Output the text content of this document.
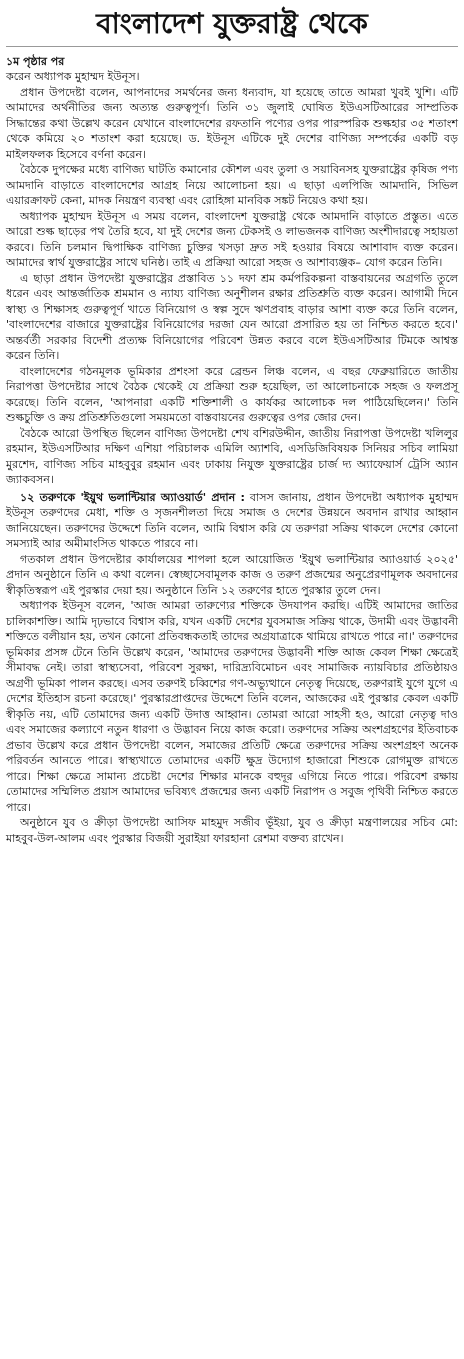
বাংলাদেশ যুক্তরাষ্ট্র থেকে
১ম পৃষ্ঠার পর

করেন অধ্যাপক মুহাম্মদ ইউনূস।

প্রধান উপদেষ্টা বলেন, আপনাদের সমর্থনের জন্য ধন্যবাদ, যা হয়েছে তাতে আমরা খুবই খুশি। এটি আমাদের অর্থনীতির জন্য অত্যন্ত গুরুত্বপূর্ণ। তিনি ৩১ জুলাই ঘোষিত ইউএসটিআরের সাম্প্রতিক সিদ্ধান্তের কথা উল্লেখ করেন যেখানে বাংলাদেশের রফতানি পণ্যের ওপর পারস্পরিক শুল্কহার ৩৫ শতাংশ থেকে কমিয়ে ২০ শতাংশ করা হয়েছে। ড. ইউনূস এটিকে দুই দেশের বাণিজ্য সম্পর্কের একটি বড় মাইলফলক হিসেবে বর্ণনা করেন।

বৈঠকে দুপক্ষের মধ্যে বাণিজ্য ঘাটতি কমানোর কৌশল এবং তুলা ও সয়াবিনসহ যুক্তরাষ্ট্রের কৃষিজ পণ্য আমদানি বাড়াতে বাংলাদেশের আগ্রহ নিয়ে আলোচনা হয়। এ ছাড়া এলপিজি আমদানি, সিভিল এয়ারক্রাফট কেনা, মাদক নিয়ন্ত্রণ ব্যবস্থা এবং রোহিঙ্গা মানবিক সঙ্কট নিয়েও কথা হয়।

অধ্যাপক মুহাম্মদ ইউনূস এ সময় বলেন, বাংলাদেশ যুক্তরাষ্ট্র থেকে আমদানি বাড়াতে প্রস্তুত। এতে আরো শুল্ক ছাড়ের পথ তৈরি হবে, যা দুই দেশের জন্য টেকসই ও লাভজনক বাণিজ্য অংশীদারত্বে সহায়তা করবে। তিনি চলমান দ্বিপাক্ষিক বাণিজ্য চুক্তির খসড়া দ্রুত সই হওয়ার বিষয়ে আশাবাদ ব্যক্ত করেন। আমাদের স্বার্থ যুক্তরাষ্ট্রের সাথে ঘনিষ্ঠ। তাই এ প্রক্রিয়া আরো সহজ ও আশাব্যঞ্জক– যোগ করেন তিনি।

এ ছাড়া প্রধান উপদেষ্টা যুক্তরাষ্ট্রের প্রস্তাবিত ১১ দফা শ্রম কর্মপরিকল্পনা বাস্তবায়নের অগ্রগতি তুলে ধরেন এবং আন্তর্জাতিক শ্রমমান ও ন্যায্য বাণিজ্য অনুশীলন রক্ষার প্রতিশ্রুতি ব্যক্ত করেন। আগামী দিনে স্বাস্থ্য ও শিক্ষাসহ গুরুত্বপূর্ণ খাতে বিনিয়োগ ও স্বল্প সুদে ঋণপ্রবাহ বাড়ার আশা ব্যক্ত করে তিনি বলেন, 'বাংলাদেশের বাজারে যুক্তরাষ্ট্রের বিনিয়োগের দরজা যেন আরো প্রসারিত হয় তা নিশ্চিত করতে হবে।' অন্তর্বর্তী সরকার বিদেশী প্রত্যক্ষ বিনিয়োগের পরিবেশ উন্নত করবে বলে ইউএসটিআর টিমকে আশ্বস্ত করেন তিনি।

বাংলাদেশের গঠনমূলক ভূমিকার প্রশংসা করে ব্রেন্ডন লিঞ্চ বলেন, এ বছর ফেব্রুয়ারিতে জাতীয় নিরাপত্তা উপদেষ্টার সাথে বৈঠক থেকেই যে প্রক্রিয়া শুরু হয়েছিল, তা আলোচনাকে সহজ ও ফলপ্রসূ করেছে। তিনি বলেন, 'আপনারা একটি শক্তিশালী ও কার্যকর আলোচক দল পাঠিয়েছিলেন।' তিনি শুল্কচুক্তি ও ক্রয় প্রতিশ্রুতিগুলো সময়মতো বাস্তবায়নের গুরুত্বের ওপর জোর দেন।

বৈঠকে আরো উপস্থিত ছিলেন বাণিজ্য উপদেষ্টা শেখ বশিরউদ্দীন, জাতীয় নিরাপত্তা উপদেষ্টা খলিলুর রহমান, ইউএসটিআর দক্ষিণ এশিয়া পরিচালক এমিলি অ্যাশবি, এসডিজিবিষয়ক সিনিয়র সচিব লামিয়া মুরশেদ, বাণিজ্য সচিব মাহবুবুর রহমান এবং ঢাকায় নিযুক্ত যুক্তরাষ্ট্রের চার্জ দ্য অ্যাফেয়ার্স ট্রেসি অ্যান জ্যাকবসন।

১২ তরুণকে 'ইয়ুথ ভলান্টিয়ার অ্যাওয়ার্ড' প্রদান : বাসস জানায়, প্রধান উপদেষ্টা অধ্যাপক মুহাম্মদ ইউনূস তরুণদের মেধা, শক্তি ও সৃজনশীলতা দিয়ে সমাজ ও দেশের উন্নয়নে অবদান রাখার আহ্বান জানিয়েছেন। তরুণদের উদ্দেশে তিনি বলেন, আমি বিশ্বাস করি যে তরুণরা সক্রিয় থাকলে দেশের কোনো সমস্যাই আর অমীমাংসিত থাকতে পারবে না।

গতকাল প্রধান উপদেষ্টার কার্যালয়ের শাপলা হলে আয়োজিত 'ইয়ুথ ভলান্টিয়ার অ্যাওয়ার্ড ২০২৫' প্রদান অনুষ্ঠানে তিনি এ কথা বলেন। স্বেচ্ছাসেবামূলক কাজ ও তরুণ প্রজন্মের অনুপ্রেরণামূলক অবদানের স্বীকৃতিস্বরূপ এই পুরস্কার দেয়া হয়। অনুষ্ঠানে তিনি ১২ তরুণের হাতে পুরস্কার তুলে দেন।

অধ্যাপক ইউনূস বলেন, 'আজ আমরা তারুণ্যের শক্তিকে উদযাপন করছি। এটিই আমাদের জাতির চালিকাশক্তি। আমি দৃঢ়ভাবে বিশ্বাস করি, যখন একটি দেশের যুবসমাজ সক্রিয় থাকে, উদামী এবং উদ্ভাবনী শক্তিতে বলীয়ান হয়, তখন কোনো প্রতিবন্ধকতাই তাদের অগ্রযাত্রাকে থামিয়ে রাখতে পারে না।' তরুণদের ভূমিকার প্রসঙ্গ টেনে তিনি উল্লেখ করেন, 'আমাদের তরুণদের উদ্ভাবনী শক্তি আজ কেবল শিক্ষা ক্ষেত্রেই সীমাবদ্ধ নেই। তারা স্বাস্থ্যসেবা, পরিবেশ সুরক্ষা, দারিদ্র্যবিমোচন এবং সামাজিক ন্যায়বিচার প্রতিষ্ঠায়ও অগ্রণী ভূমিকা পালন করছে। এসব তরুণই চব্বিশের গণ-অভ্যুত্থানে নেতৃত্ব দিয়েছে, তরুণরাই যুগে যুগে এ দেশের ইতিহাস রচনা করেছে।' পুরস্কারপ্রাপ্তদের উদ্দেশে তিনি বলেন, আজকের এই পুরস্কার কেবল একটি স্বীকৃতি নয়, এটি তোমাদের জন্য একটি উদাত্ত আহ্বান। তোমরা আরো সাহসী হও, আরো নেতৃত্ব দাও এবং সমাজের কল্যাণে নতুন ধারণা ও উদ্ভাবন নিয়ে কাজ করো। তরুণদের সক্রিয় অংশগ্রহণের ইতিবাচক প্রভাব উল্লেখ করে প্রধান উপদেষ্টা বলেন, সমাজের প্রতিটি ক্ষেত্রে তরুণদের সক্রিয় অংশগ্রহণ অনেক পরিবর্তন আনতে পারে। স্বাস্থ্যখাতে তোমাদের একটি ক্ষুদ্র উদ্যোগ হাজারো শিশুকে রোগমুক্ত রাখতে পারে। শিক্ষা ক্ষেত্রে সামান্য প্রচেষ্টা দেশের শিক্ষার মানকে বহুদূর এগিয়ে নিতে পারে। পরিবেশ রক্ষায় তোমাদের সম্মিলিত প্রয়াস আমাদের ভবিষ্যৎ প্রজন্মের জন্য একটি নিরাপদ ও সবুজ পৃথিবী নিশ্চিত করতে পারে।

অনুষ্ঠানে যুব ও ক্রীড়া উপদেষ্টা আসিফ মাহমুদ সজীব ভূঁইয়া, যুব ও ক্রীড়া মন্ত্রণালয়ের সচিব মো: মাহবুব-উল-আলম এবং পুরস্কার বিজয়ী সুরাইয়া ফারহানা রেশমা বক্তব্য রাখেন।
